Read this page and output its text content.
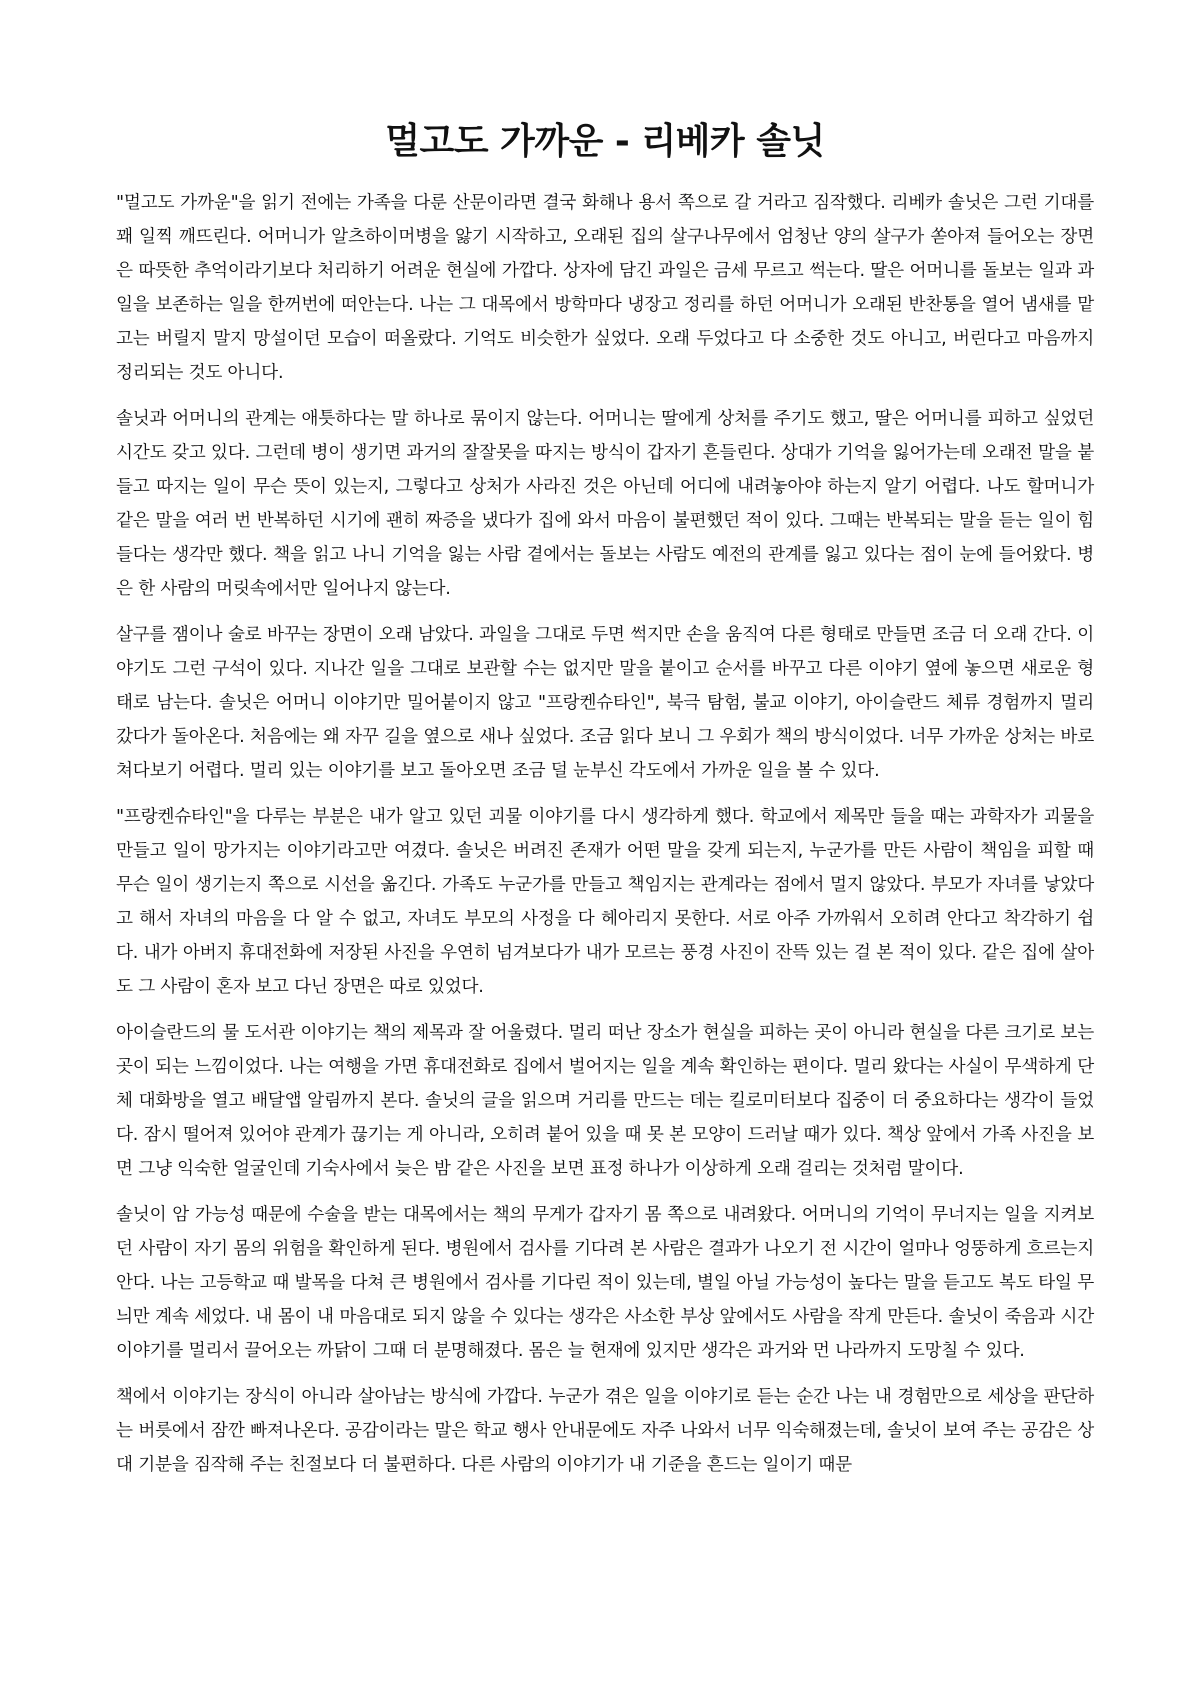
멀고도 가까운 - 리베카 솔닛

"멀고도 가까운"을 읽기 전에는 가족을 다룬 산문이라면 결국 화해나 용서 쪽으로 갈 거라고 짐작했다. 리베카 솔닛은 그런 기대를 꽤 일찍 깨뜨린다. 어머니가 알츠하이머병을 앓기 시작하고, 오래된 집의 살구나무에서 엄청난 양의 살구가 쏟아져 들어오는 장면은 따뜻한 추억이라기보다 처리하기 어려운 현실에 가깝다. 상자에 담긴 과일은 금세 무르고 썩는다. 딸은 어머니를 돌보는 일과 과일을 보존하는 일을 한꺼번에 떠안는다. 나는 그 대목에서 방학마다 냉장고 정리를 하던 어머니가 오래된 반찬통을 열어 냄새를 맡고는 버릴지 말지 망설이던 모습이 떠올랐다. 기억도 비슷한가 싶었다. 오래 두었다고 다 소중한 것도 아니고, 버린다고 마음까지 정리되는 것도 아니다.

솔닛과 어머니의 관계는 애틋하다는 말 하나로 묶이지 않는다. 어머니는 딸에게 상처를 주기도 했고, 딸은 어머니를 피하고 싶었던 시간도 갖고 있다. 그런데 병이 생기면 과거의 잘잘못을 따지는 방식이 갑자기 흔들린다. 상대가 기억을 잃어가는데 오래전 말을 붙들고 따지는 일이 무슨 뜻이 있는지, 그렇다고 상처가 사라진 것은 아닌데 어디에 내려놓아야 하는지 알기 어렵다. 나도 할머니가 같은 말을 여러 번 반복하던 시기에 괜히 짜증을 냈다가 집에 와서 마음이 불편했던 적이 있다. 그때는 반복되는 말을 듣는 일이 힘들다는 생각만 했다. 책을 읽고 나니 기억을 잃는 사람 곁에서는 돌보는 사람도 예전의 관계를 잃고 있다는 점이 눈에 들어왔다. 병은 한 사람의 머릿속에서만 일어나지 않는다.

살구를 잼이나 술로 바꾸는 장면이 오래 남았다. 과일을 그대로 두면 썩지만 손을 움직여 다른 형태로 만들면 조금 더 오래 간다. 이야기도 그런 구석이 있다. 지나간 일을 그대로 보관할 수는 없지만 말을 붙이고 순서를 바꾸고 다른 이야기 옆에 놓으면 새로운 형태로 남는다. 솔닛은 어머니 이야기만 밀어붙이지 않고 "프랑켄슈타인", 북극 탐험, 불교 이야기, 아이슬란드 체류 경험까지 멀리 갔다가 돌아온다. 처음에는 왜 자꾸 길을 옆으로 새나 싶었다. 조금 읽다 보니 그 우회가 책의 방식이었다. 너무 가까운 상처는 바로 쳐다보기 어렵다. 멀리 있는 이야기를 보고 돌아오면 조금 덜 눈부신 각도에서 가까운 일을 볼 수 있다.

"프랑켄슈타인"을 다루는 부분은 내가 알고 있던 괴물 이야기를 다시 생각하게 했다. 학교에서 제목만 들을 때는 과학자가 괴물을 만들고 일이 망가지는 이야기라고만 여겼다. 솔닛은 버려진 존재가 어떤 말을 갖게 되는지, 누군가를 만든 사람이 책임을 피할 때 무슨 일이 생기는지 쪽으로 시선을 옮긴다. 가족도 누군가를 만들고 책임지는 관계라는 점에서 멀지 않았다. 부모가 자녀를 낳았다고 해서 자녀의 마음을 다 알 수 없고, 자녀도 부모의 사정을 다 헤아리지 못한다. 서로 아주 가까워서 오히려 안다고 착각하기 쉽다. 내가 아버지 휴대전화에 저장된 사진을 우연히 넘겨보다가 내가 모르는 풍경 사진이 잔뜩 있는 걸 본 적이 있다. 같은 집에 살아도 그 사람이 혼자 보고 다닌 장면은 따로 있었다.

아이슬란드의 물 도서관 이야기는 책의 제목과 잘 어울렸다. 멀리 떠난 장소가 현실을 피하는 곳이 아니라 현실을 다른 크기로 보는 곳이 되는 느낌이었다. 나는 여행을 가면 휴대전화로 집에서 벌어지는 일을 계속 확인하는 편이다. 멀리 왔다는 사실이 무색하게 단체 대화방을 열고 배달앱 알림까지 본다. 솔닛의 글을 읽으며 거리를 만드는 데는 킬로미터보다 집중이 더 중요하다는 생각이 들었다. 잠시 떨어져 있어야 관계가 끊기는 게 아니라, 오히려 붙어 있을 때 못 본 모양이 드러날 때가 있다. 책상 앞에서 가족 사진을 보면 그냥 익숙한 얼굴인데 기숙사에서 늦은 밤 같은 사진을 보면 표정 하나가 이상하게 오래 걸리는 것처럼 말이다.

솔닛이 암 가능성 때문에 수술을 받는 대목에서는 책의 무게가 갑자기 몸 쪽으로 내려왔다. 어머니의 기억이 무너지는 일을 지켜보던 사람이 자기 몸의 위험을 확인하게 된다. 병원에서 검사를 기다려 본 사람은 결과가 나오기 전 시간이 얼마나 엉뚱하게 흐르는지 안다. 나는 고등학교 때 발목을 다쳐 큰 병원에서 검사를 기다린 적이 있는데, 별일 아닐 가능성이 높다는 말을 듣고도 복도 타일 무늬만 계속 세었다. 내 몸이 내 마음대로 되지 않을 수 있다는 생각은 사소한 부상 앞에서도 사람을 작게 만든다. 솔닛이 죽음과 시간 이야기를 멀리서 끌어오는 까닭이 그때 더 분명해졌다. 몸은 늘 현재에 있지만 생각은 과거와 먼 나라까지 도망칠 수 있다.

책에서 이야기는 장식이 아니라 살아남는 방식에 가깝다. 누군가 겪은 일을 이야기로 듣는 순간 나는 내 경험만으로 세상을 판단하는 버릇에서 잠깐 빠져나온다. 공감이라는 말은 학교 행사 안내문에도 자주 나와서 너무 익숙해졌는데, 솔닛이 보여 주는 공감은 상대 기분을 짐작해 주는 친절보다 더 불편하다. 다른 사람의 이야기가 내 기준을 흔드는 일이기 때문
